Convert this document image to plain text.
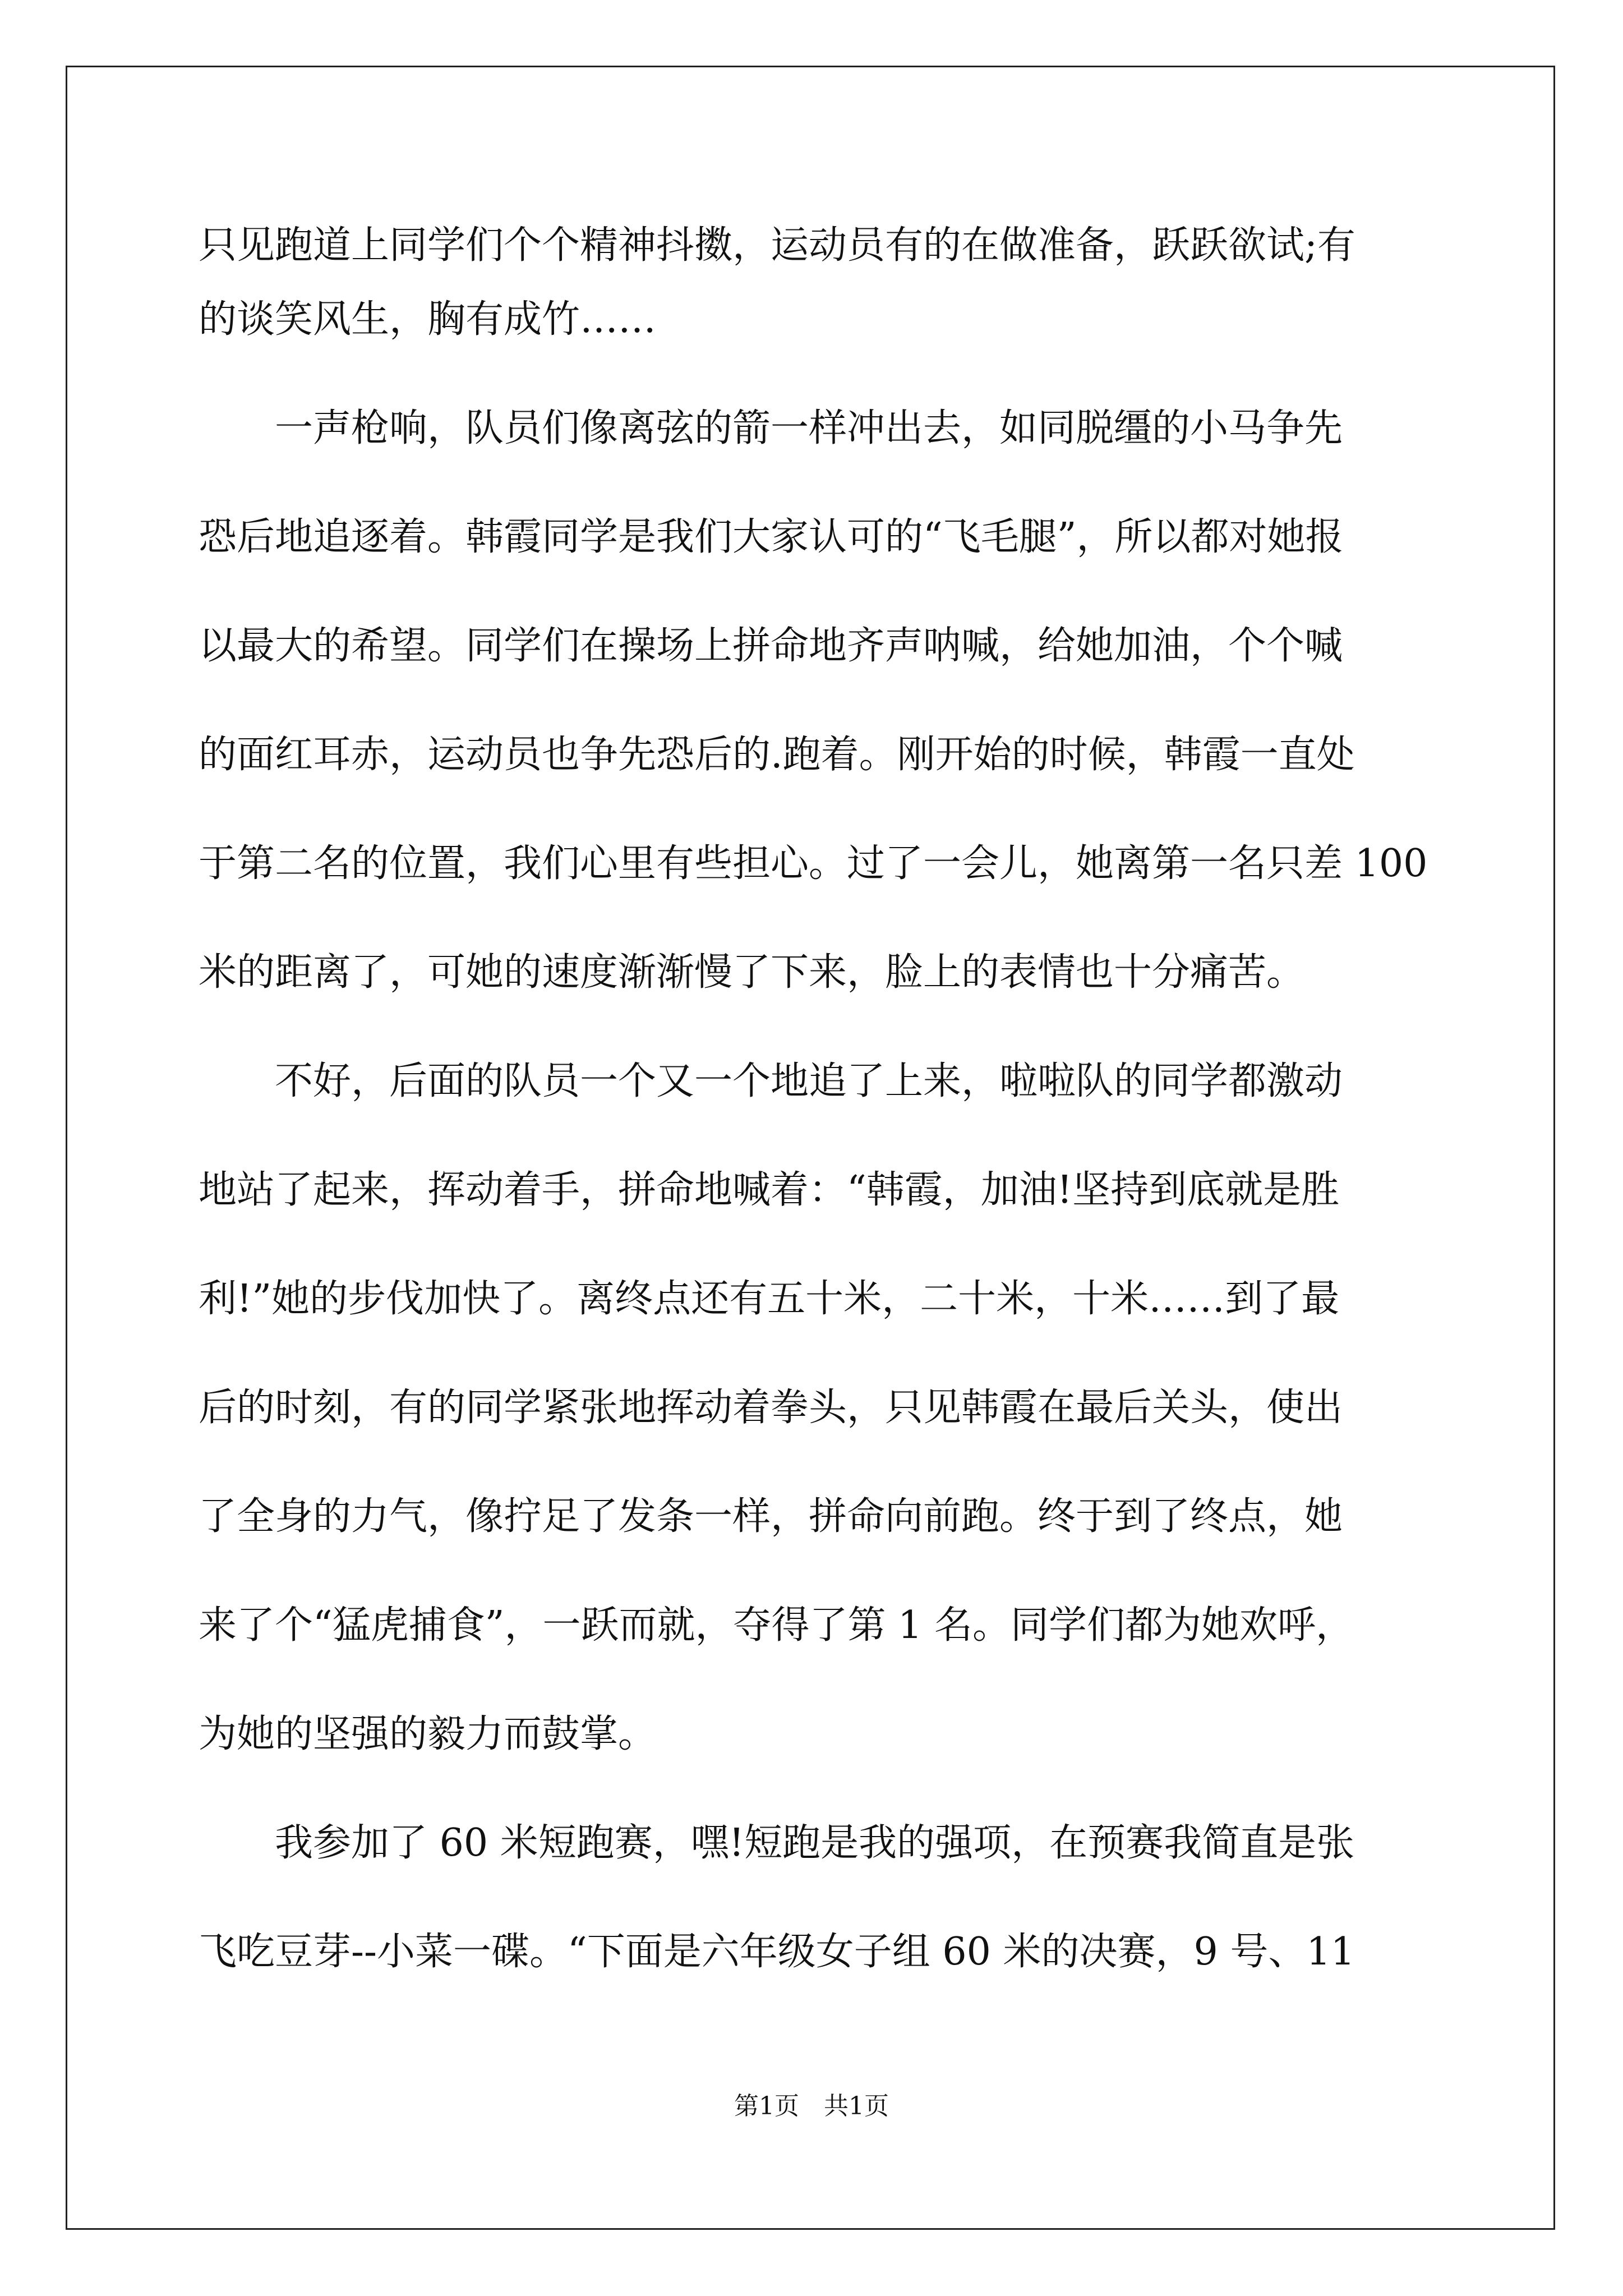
只见跑道上同学们个个精神抖擞，运动员有的在做准备，跃跃欲试;有
的谈笑风生，胸有成竹……
　　一声枪响，队员们像离弦的箭一样冲出去，如同脱缰的小马争先
恐后地追逐着。韩霞同学是我们大家认可的“飞毛腿”，所以都对她报
以最大的希望。同学们在操场上拼命地齐声呐喊，给她加油，个个喊
的面红耳赤，运动员也争先恐后的.跑着。刚开始的时候，韩霞一直处
于第二名的位置，我们心里有些担心。过了一会儿，她离第一名只差 100
米的距离了，可她的速度渐渐慢了下来，脸上的表情也十分痛苦。
　　不好，后面的队员一个又一个地追了上来，啦啦队的同学都激动
地站了起来，挥动着手，拼命地喊着：“韩霞，加油!坚持到底就是胜
利!”她的步伐加快了。离终点还有五十米，二十米，十米……到了最
后的时刻，有的同学紧张地挥动着拳头，只见韩霞在最后关头，使出
了全身的力气，像拧足了发条一样，拼命向前跑。终于到了终点，她
来了个“猛虎捕食”，一跃而就，夺得了第 1 名。同学们都为她欢呼，
为她的坚强的毅力而鼓掌。
　　我参加了 60 米短跑赛，嘿!短跑是我的强项，在预赛我简直是张
飞吃豆芽--小菜一碟。“下面是六年级女子组 60 米的决赛，9 号、11
第1页　共1页
